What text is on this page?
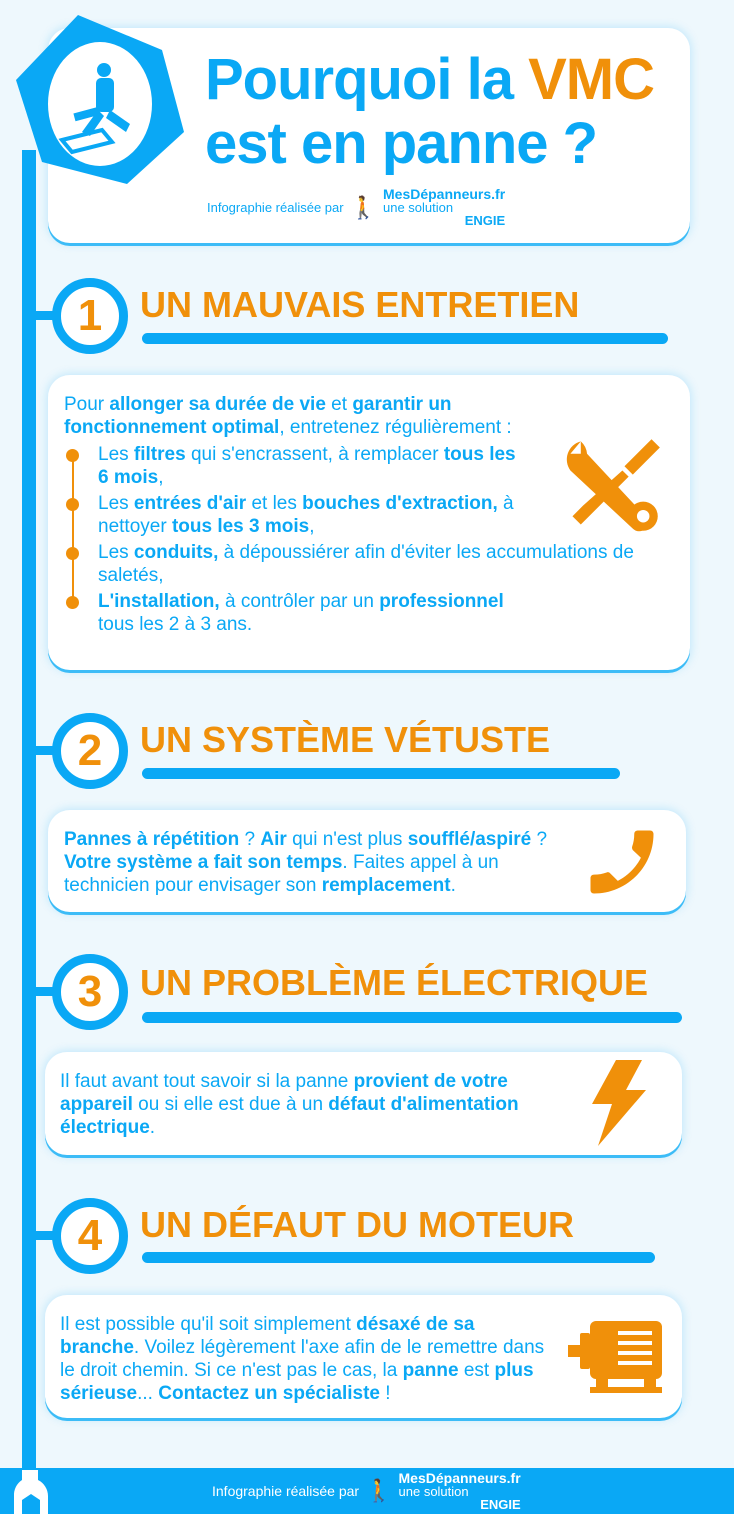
Pourquoi la VMC
est en panne ?
Infographie réalisée par 🚶
MesDépanneurs.fr
une solution
ENGIE
1	UN MAUVAIS ENTRETIEN
Pour allonger sa durée de vie et garantir un fonctionnement optimal, entretenez régulièrement :
Les filtres qui s'encrassent, à remplacer tous les 6 mois,
Les entrées d'air et les bouches d'extraction, à nettoyer tous les 3 mois,
Les conduits, à dépoussiérer afin d'éviter les accumulations de saletés,
L'installation, à contrôler par un professionnel tous les 2 à 3 ans.
2	UN SYSTÈME VÉTUSTE
Pannes à répétition ? Air qui n'est plus soufflé/aspiré ? Votre système a fait son temps. Faites appel à un technicien pour envisager son remplacement.
3	UN PROBLÈME ÉLECTRIQUE
Il faut avant tout savoir si la panne provient de votre appareil ou si elle est due à un défaut d'alimentation électrique.
4	UN DÉFAUT DU MOTEUR
Il est possible qu'il soit simplement désaxé de sa branche. Voilez légèrement l'axe afin de le remettre dans le droit chemin. Si ce n'est pas le cas, la panne est plus sérieuse... Contactez un spécialiste !
Infographie réalisée par 🚶
MesDépanneurs.fr
une solution
ENGIE
